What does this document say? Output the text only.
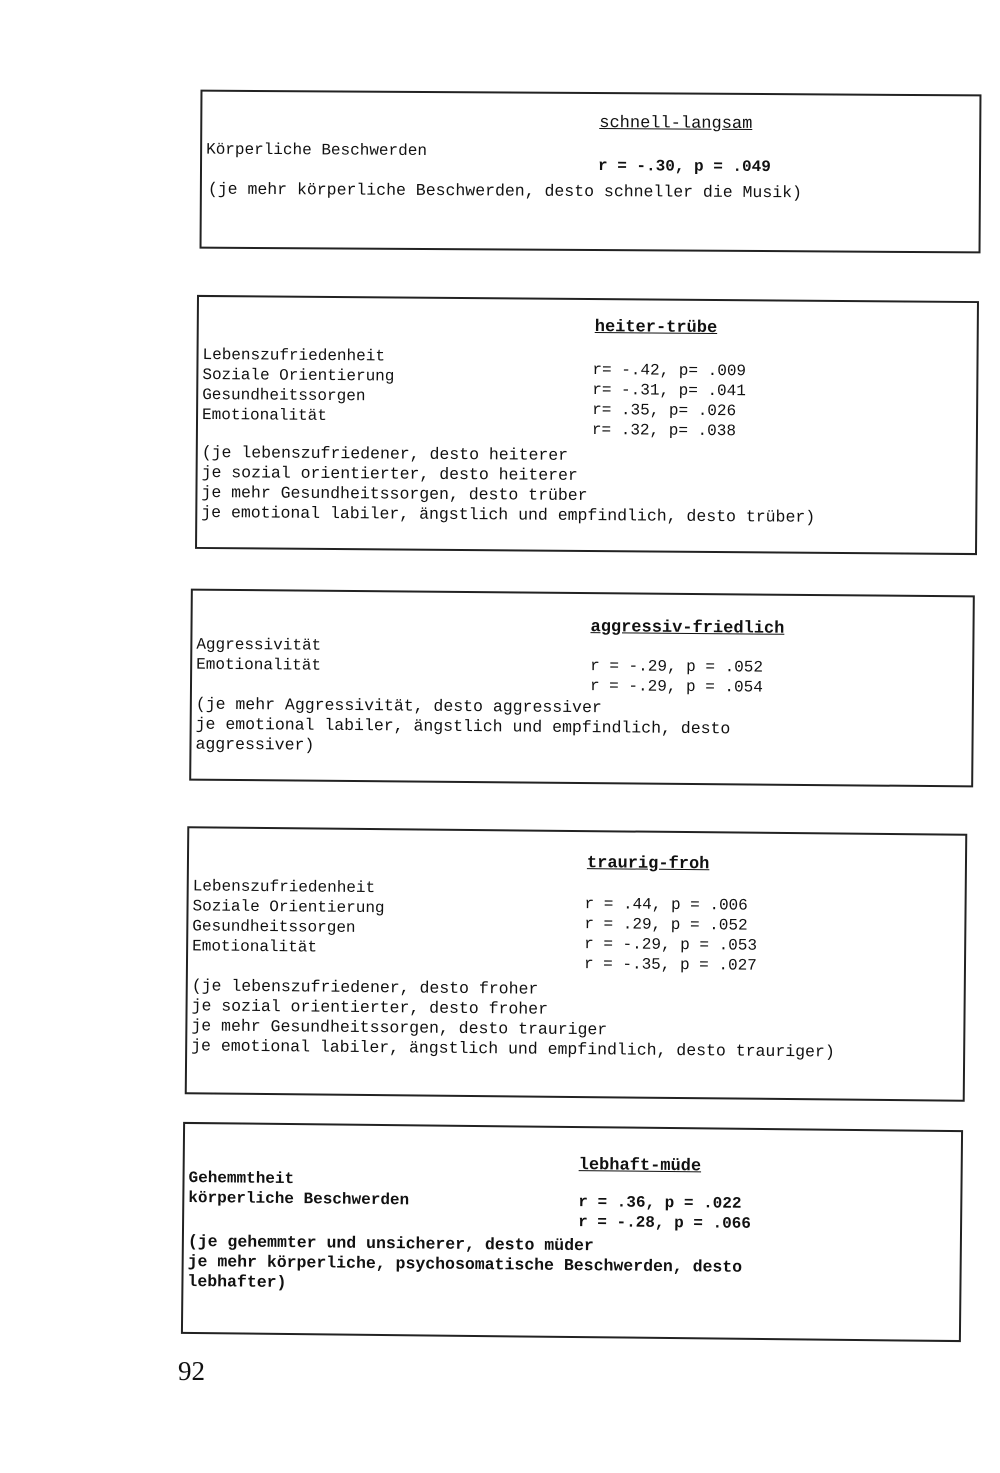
schnell-langsam
Körperliche Beschwerden
r = -.30, p = .049
(je mehr körperliche Beschwerden, desto schneller die Musik)
heiter-trübe
Lebenszufriedenheit
Soziale Orientierung
Gesundheitssorgen
Emotionalität
r= -.42, p= .009
r= -.31, p= .041
r= .35, p= .026
r= .32, p= .038
(je lebenszufriedener, desto heiterer
je sozial orientierter, desto heiterer
je mehr Gesundheitssorgen, desto trüber
je emotional labiler, ängstlich und empfindlich, desto trüber)
aggressiv-friedlich
Aggressivität
Emotionalität	r = -.29, p = .052
r = -.29, p = .054
(je mehr Aggressivität, desto aggressiver
je emotional labiler, ängstlich und empfindlich, desto
aggressiver)
traurig-froh
Lebenszufriedenheit
Soziale Orientierung
Gesundheitssorgen
Emotionalität
r = .44, p = .006
r = .29, p = .052
r = -.29, p = .053
r = -.35, p = .027
(je lebenszufriedener, desto froher
je sozial orientierter, desto froher
je mehr Gesundheitssorgen, desto trauriger
je emotional labiler, ängstlich und empfindlich, desto trauriger)
lebhaft-müde
Gehemmtheit
körperliche Beschwerden	r = .36, p = .022
r = -.28, p = .066
(je gehemmter und unsicherer, desto müder
je mehr körperliche, psychosomatische Beschwerden, desto
lebhafter)
92
